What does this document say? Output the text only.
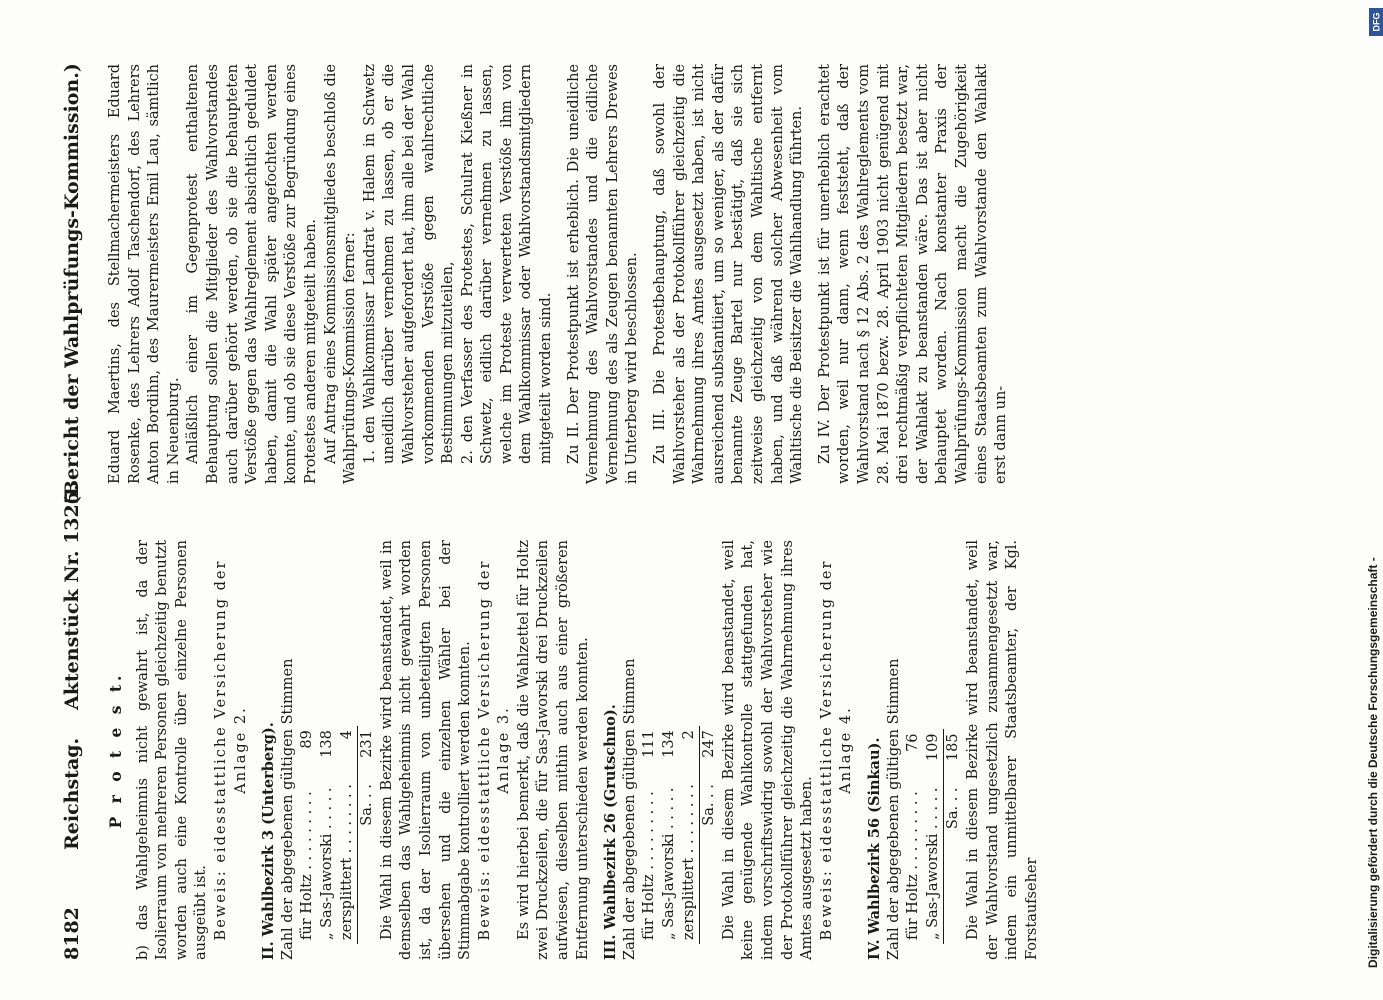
8182
Reichstag.
Aktenstück Nr. 1325.
(Bericht der Wahlprüfungs-Kommission.)
P r o t e s t. b) das Wahlgeheimnis nicht gewahrt ist, da der Isolierraum von mehreren Personen gleichzeitig benutzt worden auch eine Kontrolle über einzelne Personen ausgeübt ist. Beweis: eidesstattliche Versicherung der Anlage 2. II. Wahlbezirk 3 (Unterberg). Zahl der abgegebenen gültigen Stimmen für Holtz . . . . . . . . .	89
„ Sas-Jaworski . . . . .	138
zersplittert . . . . . . . .	4
Sa. . .	231 Die Wahl in diesem Bezirke wird beanstandet, weil in demselben das Wahlgeheimnis nicht gewahrt worden ist, da der Isolierraum von unbeteiligten Personen übersehen und die einzelnen Wähler bei der Stimmabgabe kontrolliert werden konnten. Beweis: eidesstattliche Versicherung der Anlage 3. Es wird hierbei bemerkt, daß die Wahlzettel für Holtz zwei Druckzeilen, die für Sas-Jaworski drei Druckzeilen aufwiesen, dieselben mithin auch aus einer größeren Entfernung unterschieden werden konnten. III. Wahlbezirk 26 (Grutschno). Zahl der abgegebenen gültigen Stimmen für Holtz . . . . . . . . .	111
„ Sas-Jaworski . . . . .	134
zersplittert . . . . . . . .	2
Sa. . .	247 Die Wahl in diesem Bezirke wird beanstandet, weil keine genügende Wahlkontrolle stattgefunden hat, indem vorschriftswidrig sowohl der Wahlvorsteher wie der Protokollführer gleichzeitig die Wahrnehmung ihres Amtes ausgesetzt haben. Beweis: eidesstattliche Versicherung der Anlage 4. IV. Wahlbezirk 56 (Sinkau). Zahl der abgegebenen gültigen Stimmen für Holtz . . . . . . . . .	76
„ Sas-Jaworski . . . . .	109
Sa. . .	185 Die Wahl in diesem Bezirke wird beanstandet, weil der Wahlvorstand ungesetzlich zusammengesetzt war, indem ein unmittelbarer Staatsbeamter, der Kgl. Forstaufseher

Eduard Maertins, des Stellmachermeisters Eduard Rosenke, des Lehrers Adolf Taschendorf, des Lehrers Anton Bordihn, des Maurermeisters Emil Lau, sämtlich in Neuenburg. Anläßlich einer im Gegenprotest enthaltenen Behauptung sollen die Mitglieder des Wahlvorstandes auch darüber gehört werden, ob sie die behaupteten Verstöße gegen das Wahlreglement absichtlich geduldet haben, damit die Wahl später angefochten werden konnte, und ob sie diese Verstöße zur Begründung eines Protestes anderen mitgeteilt haben. Auf Antrag eines Kommissionsmitgliedes beschloß die Wahlprüfungs-Kommission ferner: 1. den Wahlkommissar Landrat v. Halem in Schwetz uneidlich darüber vernehmen zu lassen, ob er die Wahlvorsteher aufgefordert hat, ihm alle bei der Wahl vorkommenden Verstöße gegen wahlrechtliche Bestimmungen mitzuteilen, 2. den Verfasser des Protestes, Schulrat Kießner in Schwetz, eidlich darüber vernehmen zu lassen, welche im Proteste verwerteten Verstöße ihm von dem Wahlkommissar oder Wahlvorstandsmitgliedern mitgeteilt worden sind. Zu II. Der Protestpunkt ist erheblich. Die uneidliche Vernehmung des Wahlvorstandes und die eidliche Vernehmung des als Zeugen benannten Lehrers Drewes in Unterberg wird beschlossen. Zu III. Die Protestbehauptung, daß sowohl der Wahlvorsteher als der Protokollführer gleichzeitig die Wahrnehmung ihres Amtes ausgesetzt haben, ist nicht ausreichend substantiiert, um so weniger, als der dafür benannte Zeuge Bartel nur bestätigt, daß sie sich zeitweise gleichzeitig von dem Wahltische entfernt haben, und daß während solcher Abwesenheit vom Wahltische die Beisitzer die Wahlhandlung führten. Zu IV. Der Protestpunkt ist für unerheblich erachtet worden, weil nur dann, wenn feststeht, daß der Wahlvorstand nach § 12 Abs. 2 des Wahlreglements vom 28. Mai 1870 bezw. 28. April 1903 nicht genügend mit drei rechtmäßig verpflichteten Mitgliedern besetzt war, der Wahlakt zu beanstanden wäre. Das ist aber nicht behauptet worden. Nach konstanter Praxis der Wahlprüfungs-Kommission macht die Zugehörigkeit eines Staatsbeamten zum Wahlvorstande den Wahlakt erst dann un-

Digitalisierung gefördert durch die Deutsche Forschungsgemeinschaft -
DFG
